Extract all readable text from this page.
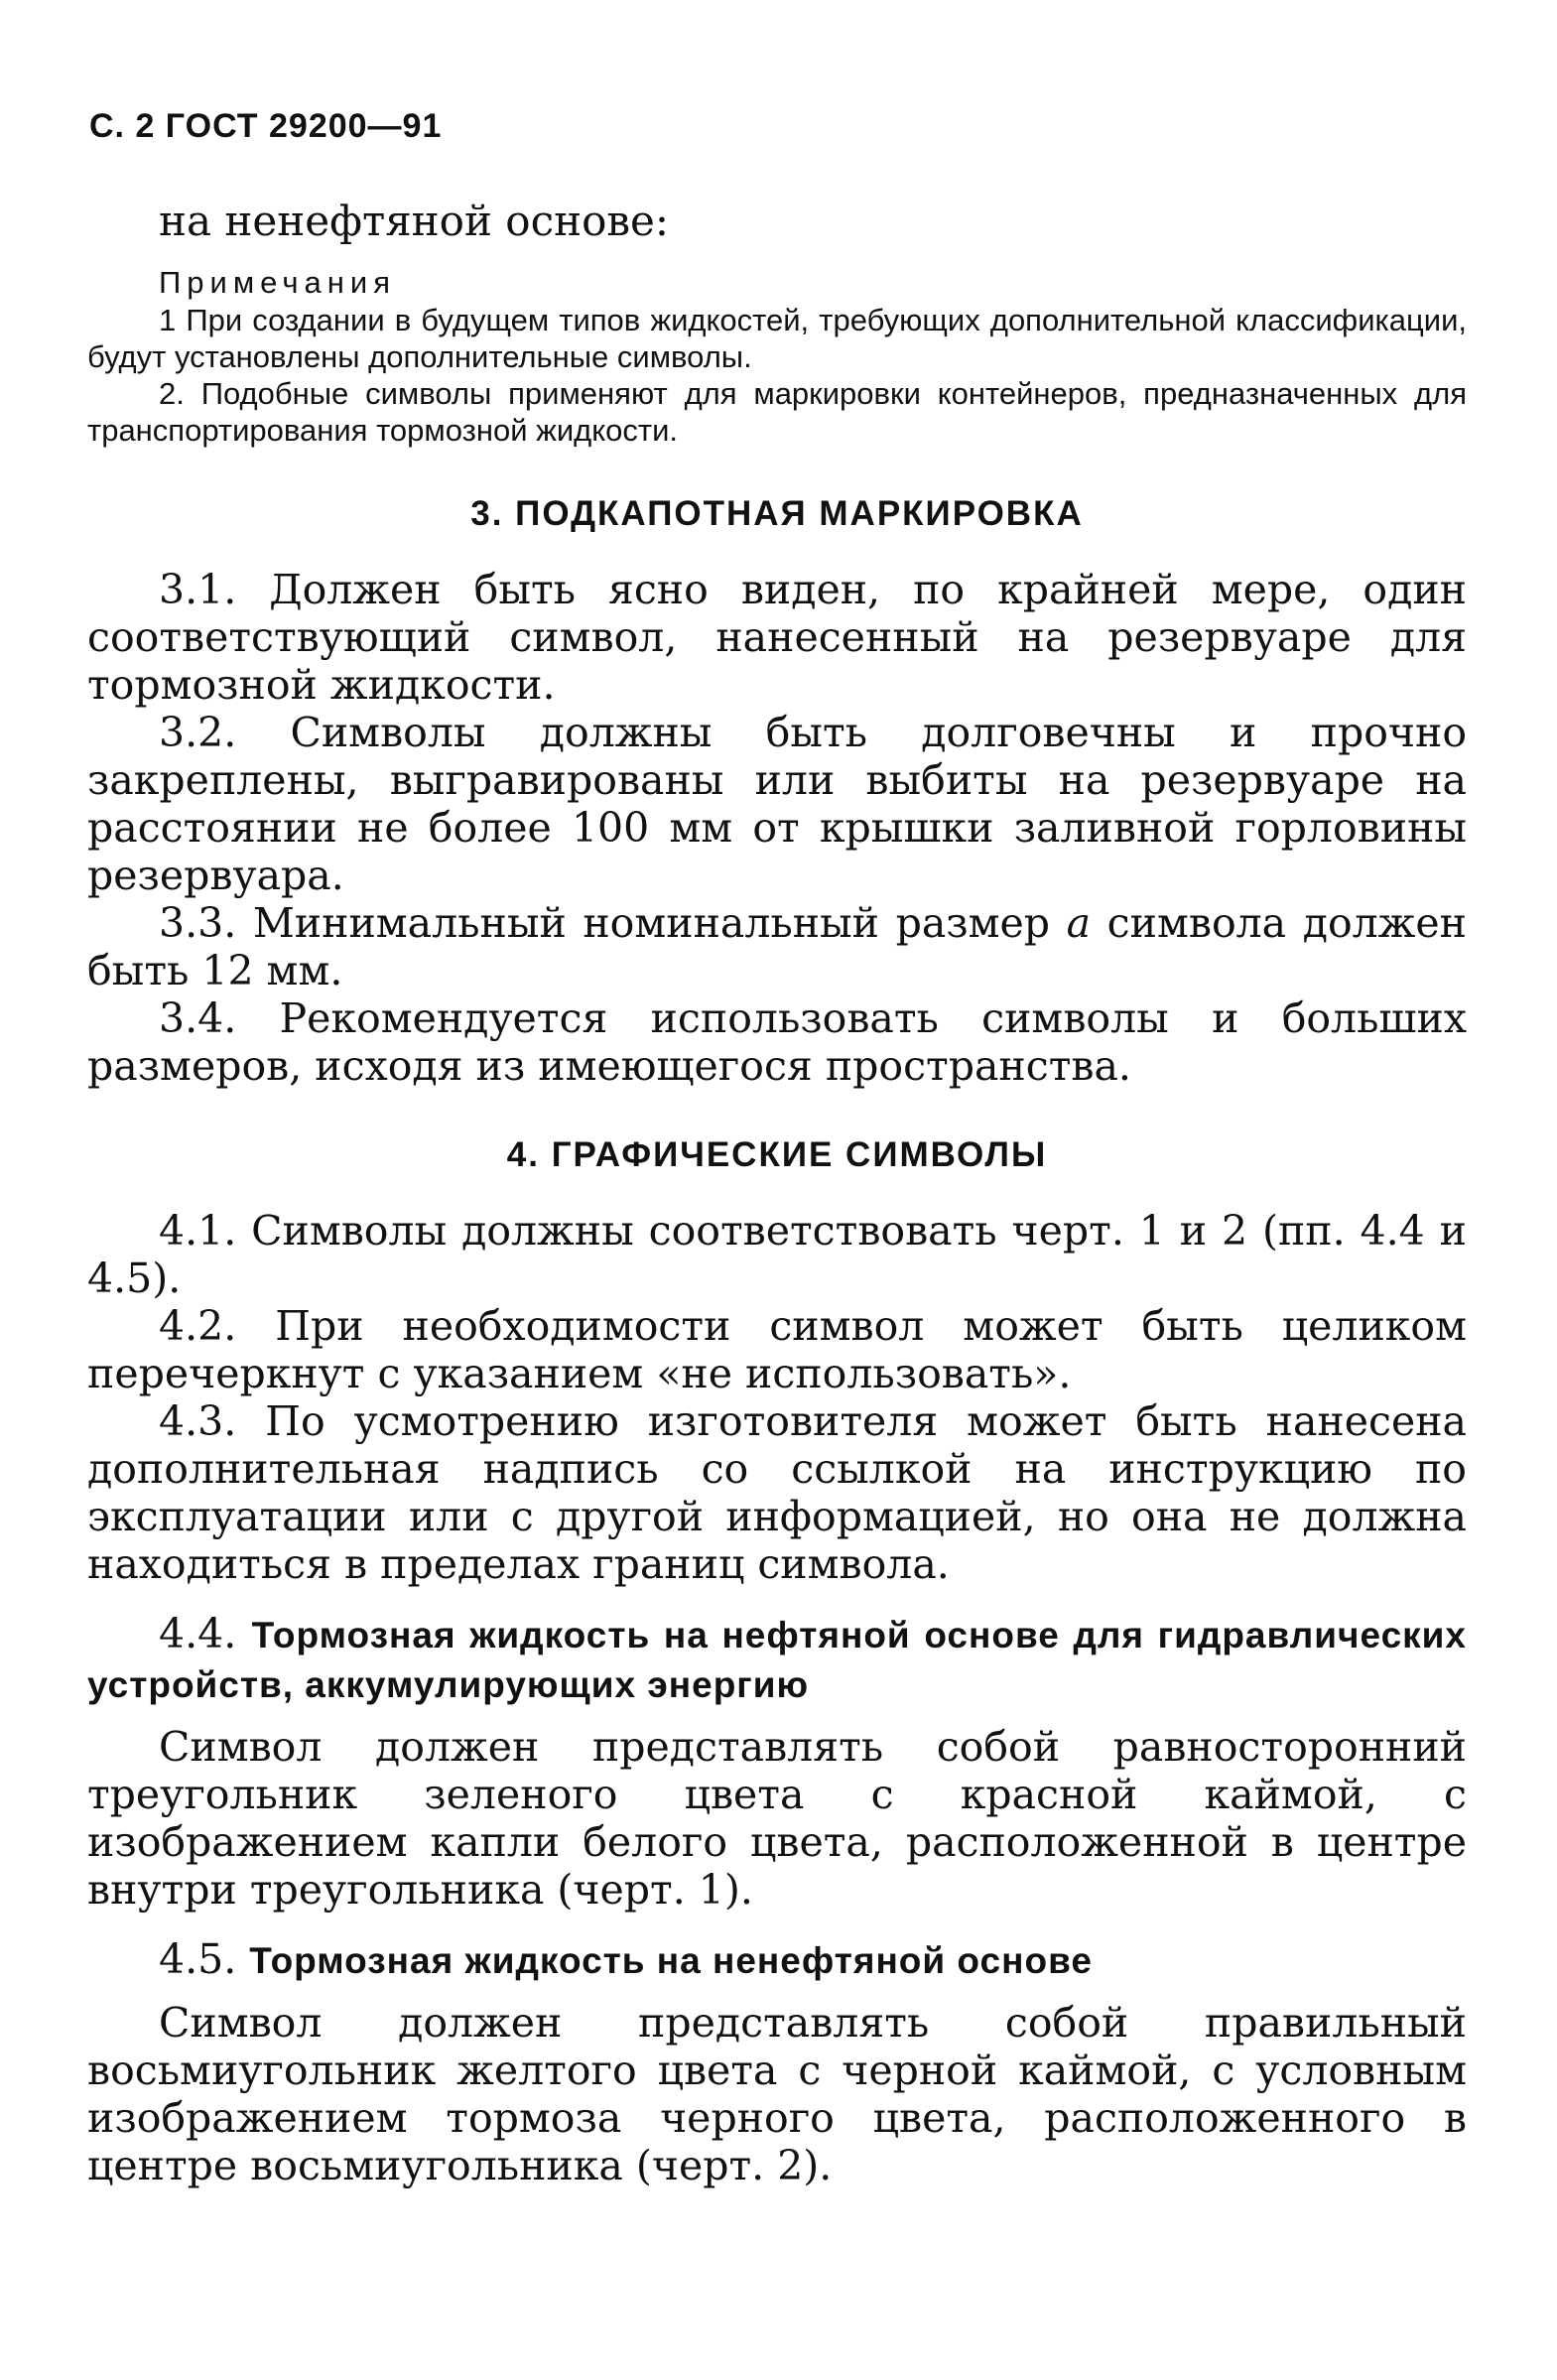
С. 2 ГОСТ 29200—91

на ненефтяной основе:

Примечания

1 При создании в будущем типов жидкостей, требующих дополнительной классификации, будут установлены дополнительные символы.

2. Подобные символы применяют для маркировки контейнеров, предназначенных для транспортирования тормозной жидкости.

3. ПОДКАПОТНАЯ МАРКИРОВКА

3.1. Должен быть ясно виден, по крайней мере, один соответствующий символ, нанесенный на резервуаре для тормозной жидкости.

3.2. Символы должны быть долговечны и прочно закреплены, выгравированы или выбиты на резервуаре на расстоянии не более 100 мм от крышки заливной горловины резервуара.

3.3. Минимальный номинальный размер a символа должен быть 12 мм.

3.4. Рекомендуется использовать символы и больших размеров, исходя из имеющегося пространства.

4. ГРАФИЧЕСКИЕ СИМВОЛЫ

4.1. Символы должны соответствовать черт. 1 и 2 (пп. 4.4 и 4.5).

4.2. При необходимости символ может быть целиком перечеркнут с указанием «не использовать».

4.3. По усмотрению изготовителя может быть нанесена дополнительная надпись со ссылкой на инструкцию по эксплуатации или с другой информацией, но она не должна находиться в пределах границ символа.

4.4. Тормозная жидкость на нефтяной основе для гидравлических устройств, аккумулирующих энергию

Символ должен представлять собой равносторонний треугольник зеленого цвета с красной каймой, с изображением капли белого цвета, расположенной в центре внутри треугольника (черт. 1).

4.5. Тормозная жидкость на ненефтяной основе

Символ должен представлять собой правильный восьмиугольник желтого цвета с черной каймой, с условным изображением тормоза черного цвета, расположенного в центре восьмиугольника (черт. 2).
